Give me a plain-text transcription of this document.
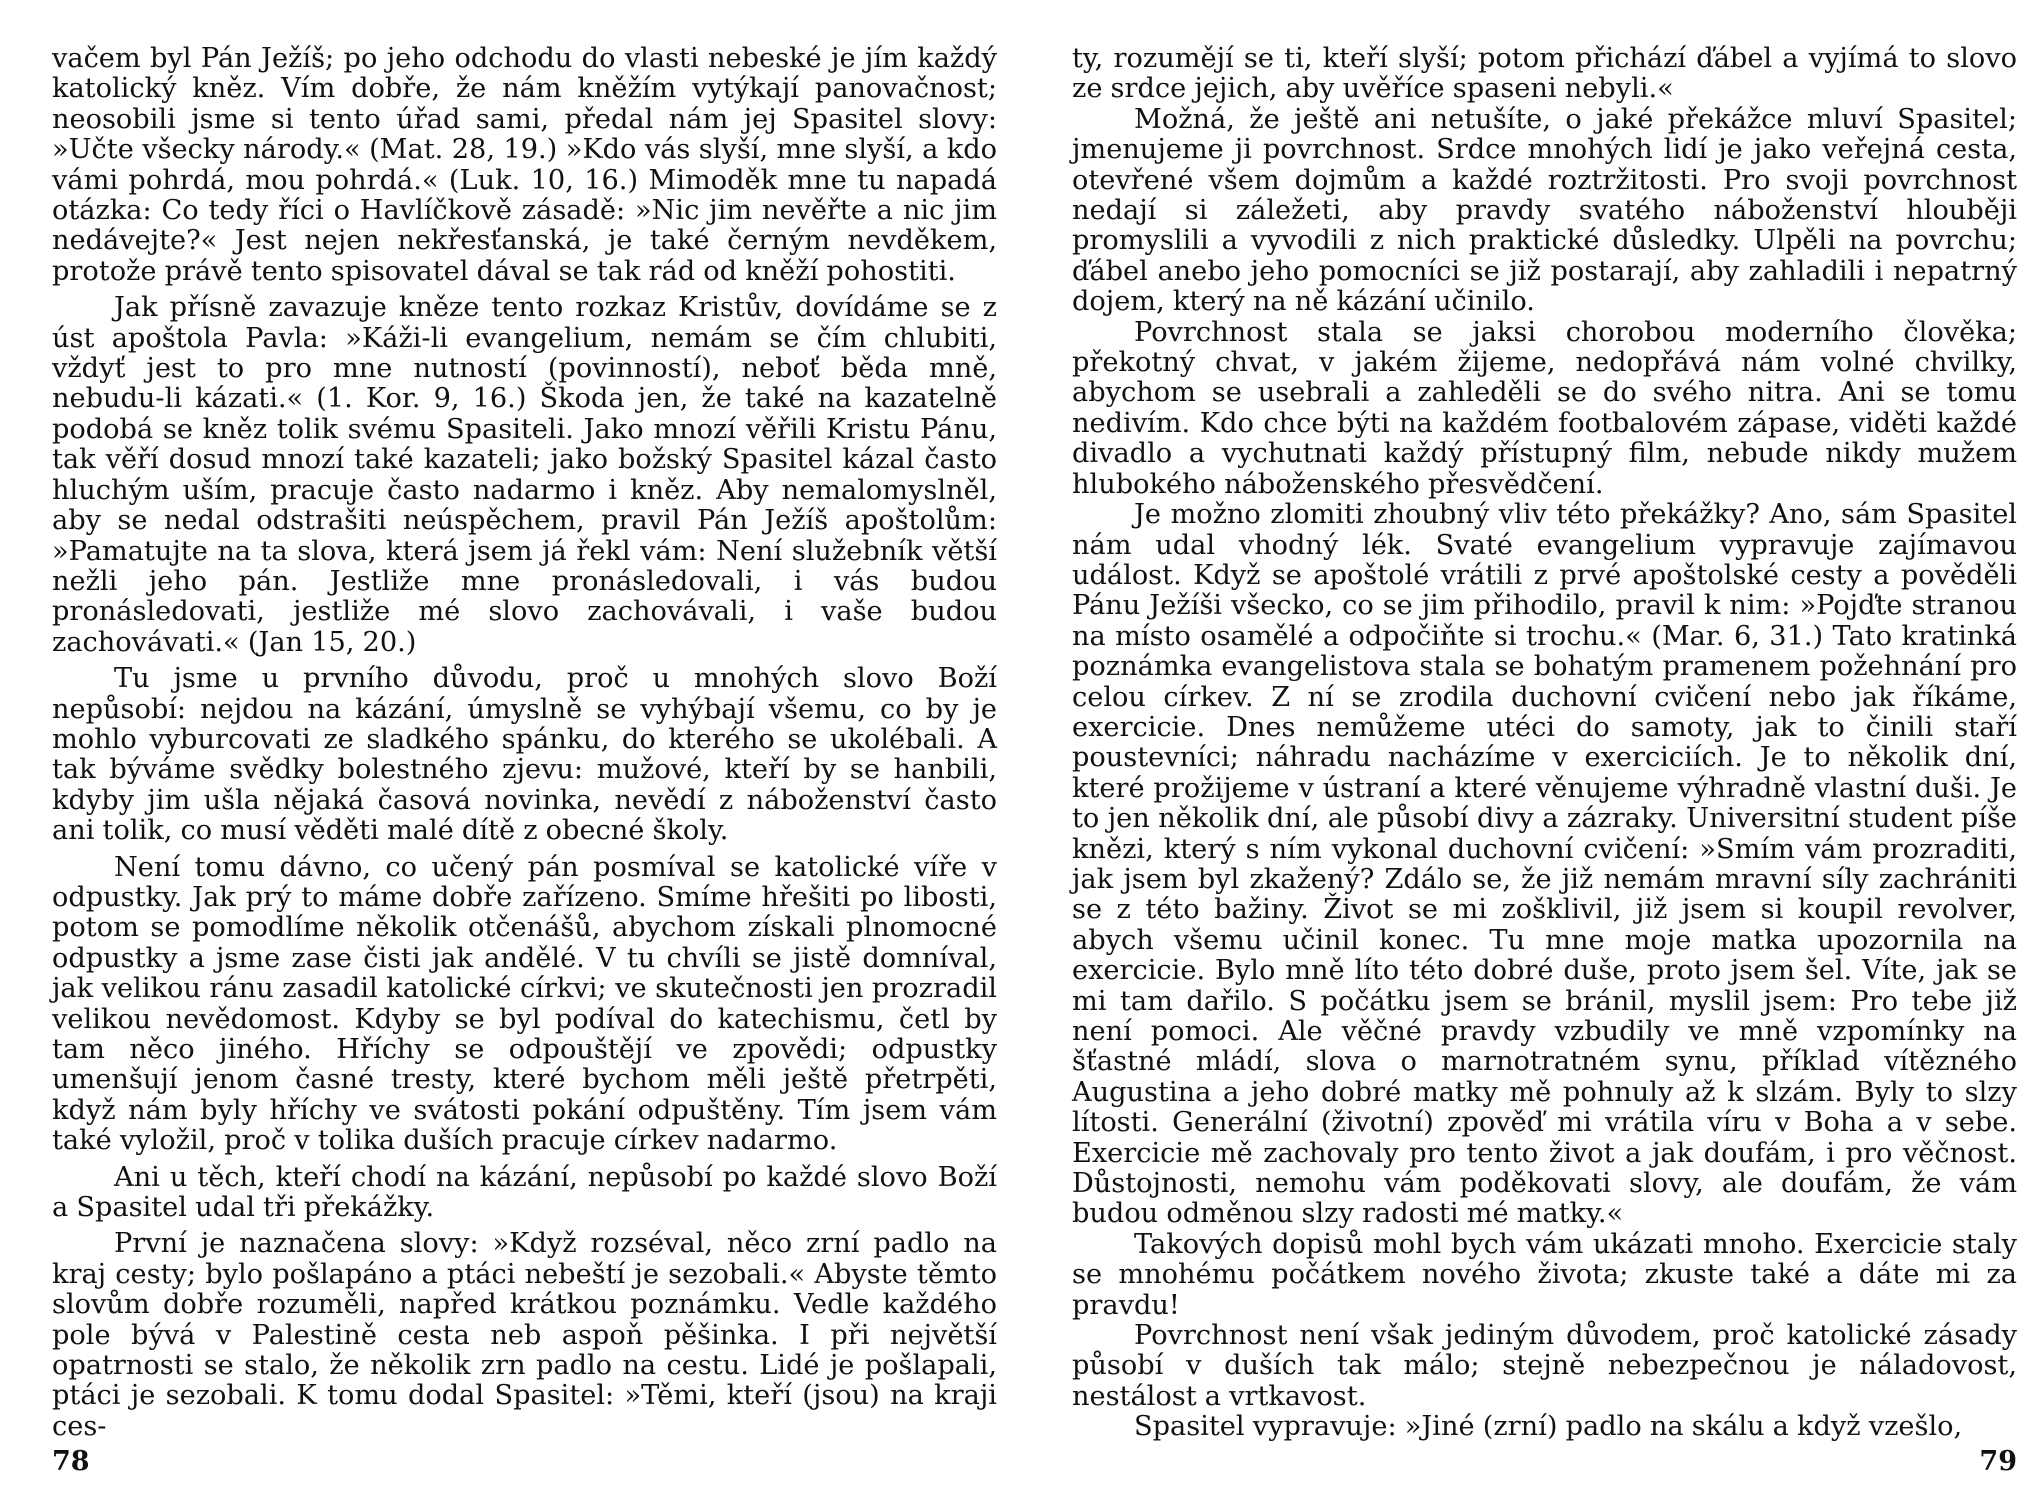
vačem byl Pán Ježíš; po jeho odchodu do vlasti nebeské je jím každý katolický kněz. Vím dobře, že nám kněžím vytýkají panovačnost; neosobili jsme si tento úřad sami, předal nám jej Spasitel slovy: »Učte všecky národy.« (Mat. 28, 19.) »Kdo vás slyší, mne slyší, a kdo vámi pohrdá, mou pohrdá.« (Luk. 10, 16.) Mimoděk mne tu napadá otázka: Co tedy říci o Havlíčkově zásadě: »Nic jim nevěřte a nic jim nedávejte?« Jest nejen nekřesťanská, je také černým nevděkem, protože právě tento spisovatel dával se tak rád od kněží pohostiti.

Jak přísně zavazuje kněze tento rozkaz Kristův, dovídáme se z úst apoštola Pavla: »Káži-li evangelium, nemám se čím chlubiti, vždyť jest to pro mne nutností (povinností), neboť běda mně, nebudu-li kázati.« (1. Kor. 9, 16.) Škoda jen, že také na kazatelně podobá se kněz tolik svému Spasiteli. Jako mnozí věřili Kristu Pánu, tak věří dosud mnozí také kazateli; jako božský Spasitel kázal často hluchým uším, pracuje často nadarmo i kněz. Aby nemalomyslněl, aby se nedal odstrašiti neúspěchem, pravil Pán Ježíš apoštolům: »Pamatujte na ta slova, která jsem já řekl vám: Není služebník větší nežli jeho pán. Jestliže mne pronásledovali, i vás budou pronásledovati, jestliže mé slovo zachovávali, i vaše budou zachovávati.« (Jan 15, 20.)

Tu jsme u prvního důvodu, proč u mnohých slovo Boží nepůsobí: nejdou na kázání, úmyslně se vyhýbají všemu, co by je mohlo vyburcovati ze sladkého spánku, do kterého se ukolébali. A tak býváme svědky bolestného zjevu: mužové, kteří by se hanbili, kdyby jim ušla nějaká časová novinka, nevědí z náboženství často ani tolik, co musí věděti malé dítě z obecné školy.

Není tomu dávno, co učený pán posmíval se katolické víře v odpustky. Jak prý to máme dobře zařízeno. Smíme hřešiti po libosti, potom se pomodlíme několik otčenášů, abychom získali plnomocné odpustky a jsme zase čisti jak andělé. V tu chvíli se jistě domníval, jak velikou ránu zasadil katolické církvi; ve skutečnosti jen prozradil velikou nevědomost. Kdyby se byl podíval do katechismu, četl by tam něco jiného. Hříchy se odpouštějí ve zpovědi; odpustky umenšují jenom časné tresty, které bychom měli ještě přetrpěti, když nám byly hříchy ve svátosti pokání odpuštěny. Tím jsem vám také vyložil, proč v tolika duších pracuje církev nadarmo.

Ani u těch, kteří chodí na kázání, nepůsobí po každé slovo Boží a Spasitel udal tři překážky.

První je naznačena slovy: »Když rozséval, něco zrní padlo na kraj cesty; bylo pošlapáno a ptáci nebeští je sezobali.« Abyste těmto slovům dobře rozuměli, napřed krátkou poznámku. Vedle každého pole bývá v Palestině cesta neb aspoň pěšinka. I při největší opatrnosti se stalo, že několik zrn padlo na cestu. Lidé je pošlapali, ptáci je sezobali. K tomu dodal Spasitel: »Těmi, kteří (jsou) na kraji ces-

78

ty, rozumějí se ti, kteří slyší; potom přichází ďábel a vyjímá to slovo ze srdce jejich, aby uvěříce spaseni nebyli.«

Možná, že ještě ani netušíte, o jaké překážce mluví Spasitel; jmenujeme ji povrchnost. Srdce mnohých lidí je jako veřejná cesta, otevřené všem dojmům a každé roztržitosti. Pro svoji povrchnost nedají si záležeti, aby pravdy svatého náboženství hlouběji promyslili a vyvodili z nich praktické důsledky. Ulpěli na povrchu; ďábel anebo jeho pomocníci se již postarají, aby zahladili i nepatrný dojem, který na ně kázání učinilo.

Povrchnost stala se jaksi chorobou moderního člověka; překotný chvat, v jakém žijeme, nedopřává nám volné chvilky, abychom se usebrali a zahleděli se do svého nitra. Ani se tomu nedivím. Kdo chce býti na každém footbalovém zápase, viděti každé divadlo a vychutnati každý přístupný film, nebude nikdy mužem hlubokého náboženského přesvědčení.

Je možno zlomiti zhoubný vliv této překážky? Ano, sám Spasitel nám udal vhodný lék. Svaté evangelium vypravuje zajímavou událost. Když se apoštolé vrátili z prvé apoštolské cesty a pověděli Pánu Ježíši všecko, co se jim přihodilo, pravil k nim: »Pojďte stranou na místo osamělé a odpočiňte si trochu.« (Mar. 6, 31.) Tato kratinká poznámka evangelistova stala se bohatým pramenem požehnání pro celou církev. Z ní se zrodila duchovní cvičení nebo jak říkáme, exercicie. Dnes nemůžeme utéci do samoty, jak to činili staří poustevníci; náhradu nacházíme v exerciciích. Je to několik dní, které prožijeme v ústraní a které věnujeme výhradně vlastní duši. Je to jen několik dní, ale působí divy a zázraky. Universitní student píše knězi, který s ním vykonal duchovní cvičení: »Smím vám prozraditi, jak jsem byl zkažený? Zdálo se, že již nemám mravní síly zachrániti se z této bažiny. Život se mi zošklivil, již jsem si koupil revolver, abych všemu učinil konec. Tu mne moje matka upozornila na exercicie. Bylo mně líto této dobré duše, proto jsem šel. Víte, jak se mi tam dařilo. S počátku jsem se bránil, myslil jsem: Pro tebe již není pomoci. Ale věčné pravdy vzbudily ve mně vzpomínky na šťastné mládí, slova o marnotratném synu, příklad vítězného Augustina a jeho dobré matky mě pohnuly až k slzám. Byly to slzy lítosti. Generální (životní) zpověď mi vrátila víru v Boha a v sebe. Exercicie mě zachovaly pro tento život a jak doufám, i pro věčnost. Důstojnosti, nemohu vám poděkovati slovy, ale doufám, že vám budou odměnou slzy radosti mé matky.«

Takových dopisů mohl bych vám ukázati mnoho. Exercicie staly se mnohému počátkem nového života; zkuste také a dáte mi za pravdu!

Povrchnost není však jediným důvodem, proč katolické zásady působí v duších tak málo; stejně nebezpečnou je náladovost, nestálost a vrtkavost.

Spasitel vypravuje: »Jiné (zrní) padlo na skálu a když vzešlo,

79
